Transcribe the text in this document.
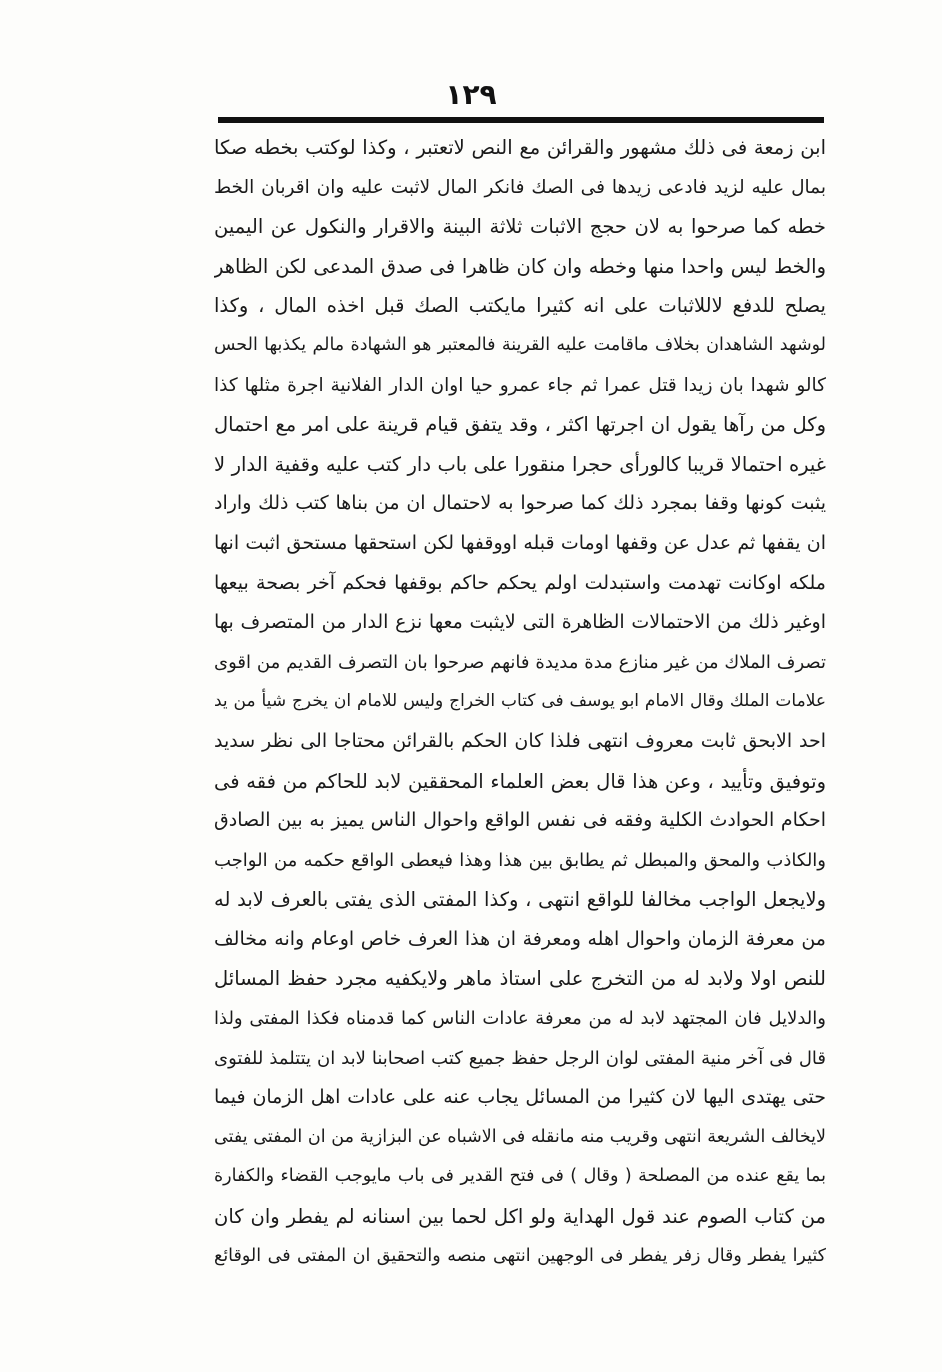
١٢٩
ابن زمعة فى ذلك مشهور والقرائن مع النص لاتعتبر ، وكذا لوكتب بخطه صكا
بمال عليه لزيد فادعى زيدها فى الصك فانكر المال لاثبت عليه وان اقربان الخط
خطه كما صرحوا به لان حجج الاثبات ثلاثة البينة والاقرار والنكول عن اليمين
والخط ليس واحدا منها وخطه وان كان ظاهرا فى صدق المدعى لكن الظاهر
يصلح للدفع لاللاثبات على انه كثيرا مايكتب الصك قبل اخذه المال ، وكذا
لوشهد الشاهدان بخلاف ماقامت عليه القرينة فالمعتبر هو الشهادة مالم يكذبها الحس
كالو شهدا بان زيدا قتل عمرا ثم جاء عمرو حيا اوان الدار الفلانية اجرة مثلها كذا
وكل من رآها يقول ان اجرتها اكثر ، وقد يتفق قيام قرينة على امر مع احتمال
غيره احتمالا قريبا كالورأى حجرا منقورا على باب دار كتب عليه وقفية الدار لا
يثبت كونها وقفا بمجرد ذلك كما صرحوا به لاحتمال ان من بناها كتب ذلك واراد
ان يقفها ثم عدل عن وقفها اومات قبله اووقفها لكن استحقها مستحق اثبت انها
ملكه اوكانت تهدمت واستبدلت اولم يحكم حاكم بوقفها فحكم آخر بصحة بيعها
اوغير ذلك من الاحتمالات الظاهرة التى لايثبت معها نزع الدار من المتصرف بها
تصرف الملاك من غير منازع مدة مديدة فانهم صرحوا بان التصرف القديم من اقوى
علامات الملك وقال الامام ابو يوسف فى كتاب الخراج وليس للامام ان يخرج شيأ من يد
احد الابحق ثابت معروف انتهى فلذا كان الحكم بالقرائن محتاجا الى نظر سديد
وتوفيق وتأييد ، وعن هذا قال بعض العلماء المحققين لابد للحاكم من فقه فى
احكام الحوادث الكلية وفقه فى نفس الواقع واحوال الناس يميز به بين الصادق
والكاذب والمحق والمبطل ثم يطابق بين هذا وهذا فيعطى الواقع حكمه من الواجب
ولايجعل الواجب مخالفا للواقع انتهى ، وكذا المفتى الذى يفتى بالعرف لابد له
من معرفة الزمان واحوال اهله ومعرفة ان هذا العرف خاص اوعام وانه مخالف
للنص اولا ولابد له من التخرج على استاذ ماهر ولايكفيه مجرد حفظ المسائل
والدلايل فان المجتهد لابد له من معرفة عادات الناس كما قدمناه فكذا المفتى ولذا
قال فى آخر منية المفتى لوان الرجل حفظ جميع كتب اصحابنا لابد ان يتتلمذ للفتوى
حتى يهتدى اليها لان كثيرا من المسائل يجاب عنه على عادات اهل الزمان فيما
لايخالف الشريعة انتهى وقريب منه مانقله فى الاشباه عن البزازية من ان المفتى يفتى
بما يقع عنده من المصلحة ( وقال ) فى فتح القدير فى باب مايوجب القضاء والكفارة
من كتاب الصوم عند قول الهداية ولو اكل لحما بين اسنانه لم يفطر وان كان
كثيرا يفطر وقال زفر يفطر فى الوجهين انتهى منصه والتحقيق ان المفتى فى الوقائع
